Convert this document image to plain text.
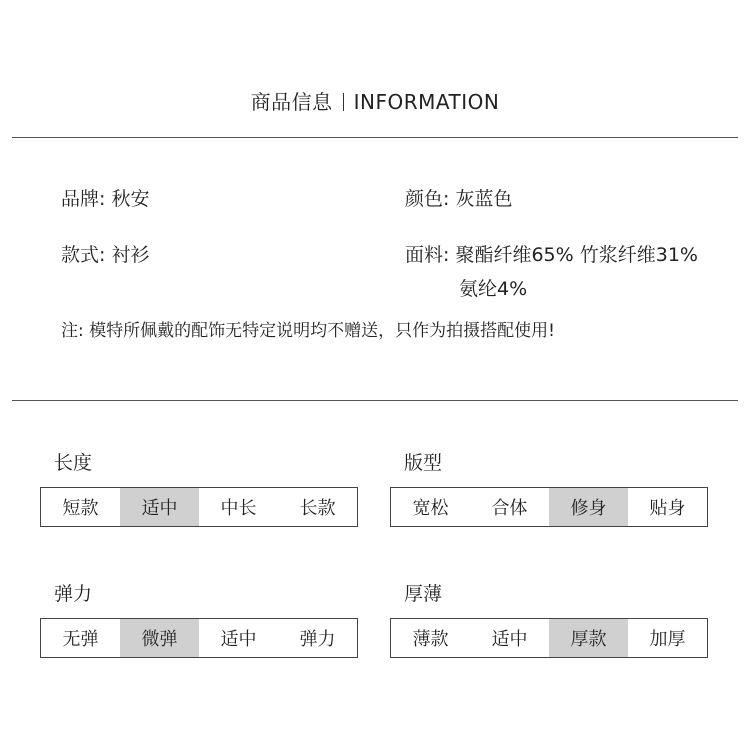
商品信息 INFORMATION
品牌 : 秋安	颜色 : 灰蓝色
款式 : 衬衫	面料 : 聚酯纤维65% 竹浆纤维31%
氨纶4%
注: 模特所佩戴的配饰无特定说明均不赠送，只作为拍摄搭配使用!
长度
短款	适中	中长	长款
版型
宽松	合体	修身	贴身
弹力
无弹	微弹	适中	弹力
厚薄
薄款	适中	厚款	加厚
